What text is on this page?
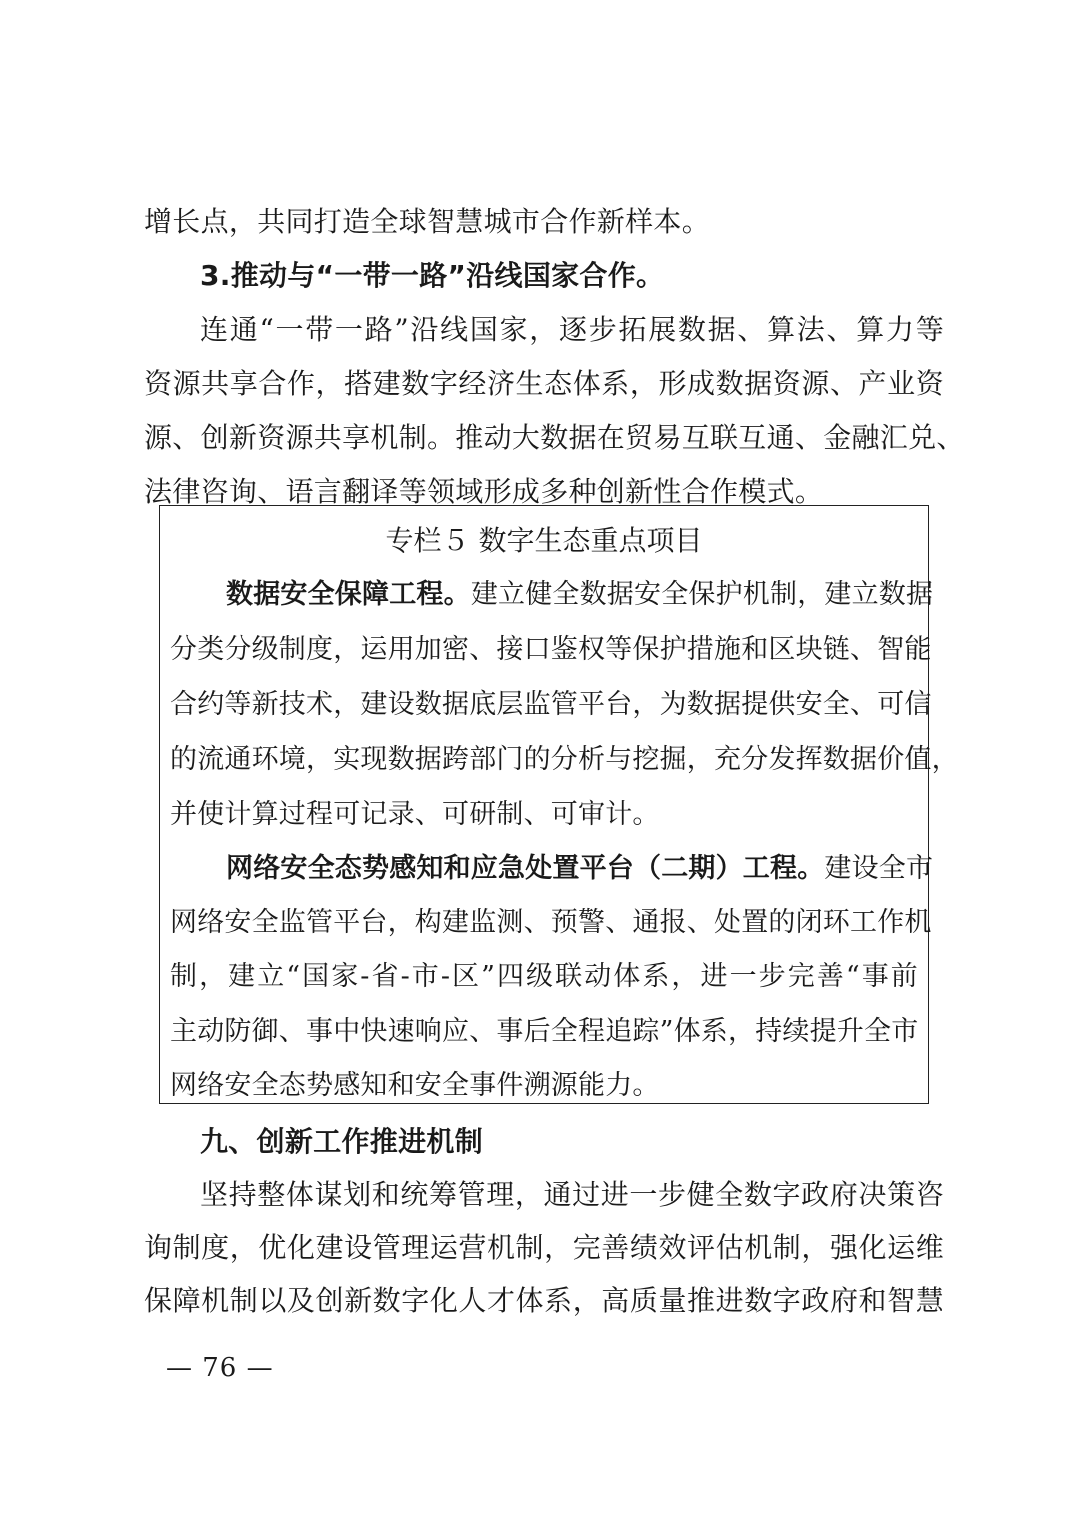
增长点，共同打造全球智慧城市合作新样本。
3.推动与“一带一路”沿线国家合作。
连通“一带一路”沿线国家，逐步拓展数据、算法、算力等
资源共享合作，搭建数字经济生态体系，形成数据资源、产业资
源、创新资源共享机制。推动大数据在贸易互联互通、金融汇兑、
法律咨询、语言翻译等领域形成多种创新性合作模式。
专栏５ 数字生态重点项目
数据安全保障工程。建立健全数据安全保护机制，建立数据
分类分级制度，运用加密、接口鉴权等保护措施和区块链、智能
合约等新技术，建设数据底层监管平台，为数据提供安全、可信
的流通环境，实现数据跨部门的分析与挖掘，充分发挥数据价值，
并使计算过程可记录、可研制、可审计。
网络安全态势感知和应急处置平台（二期）工程。建设全市
网络安全监管平台，构建监测、预警、通报、处置的闭环工作机
制，建立“国家-省-市-区”四级联动体系，进一步完善“事前
主动防御、事中快速响应、事后全程追踪”体系，持续提升全市
网络安全态势感知和安全事件溯源能力。
九、创新工作推进机制
坚持整体谋划和统筹管理，通过进一步健全数字政府决策咨
询制度，优化建设管理运营机制，完善绩效评估机制，强化运维
保障机制以及创新数字化人才体系，高质量推进数字政府和智慧
— 76 —
